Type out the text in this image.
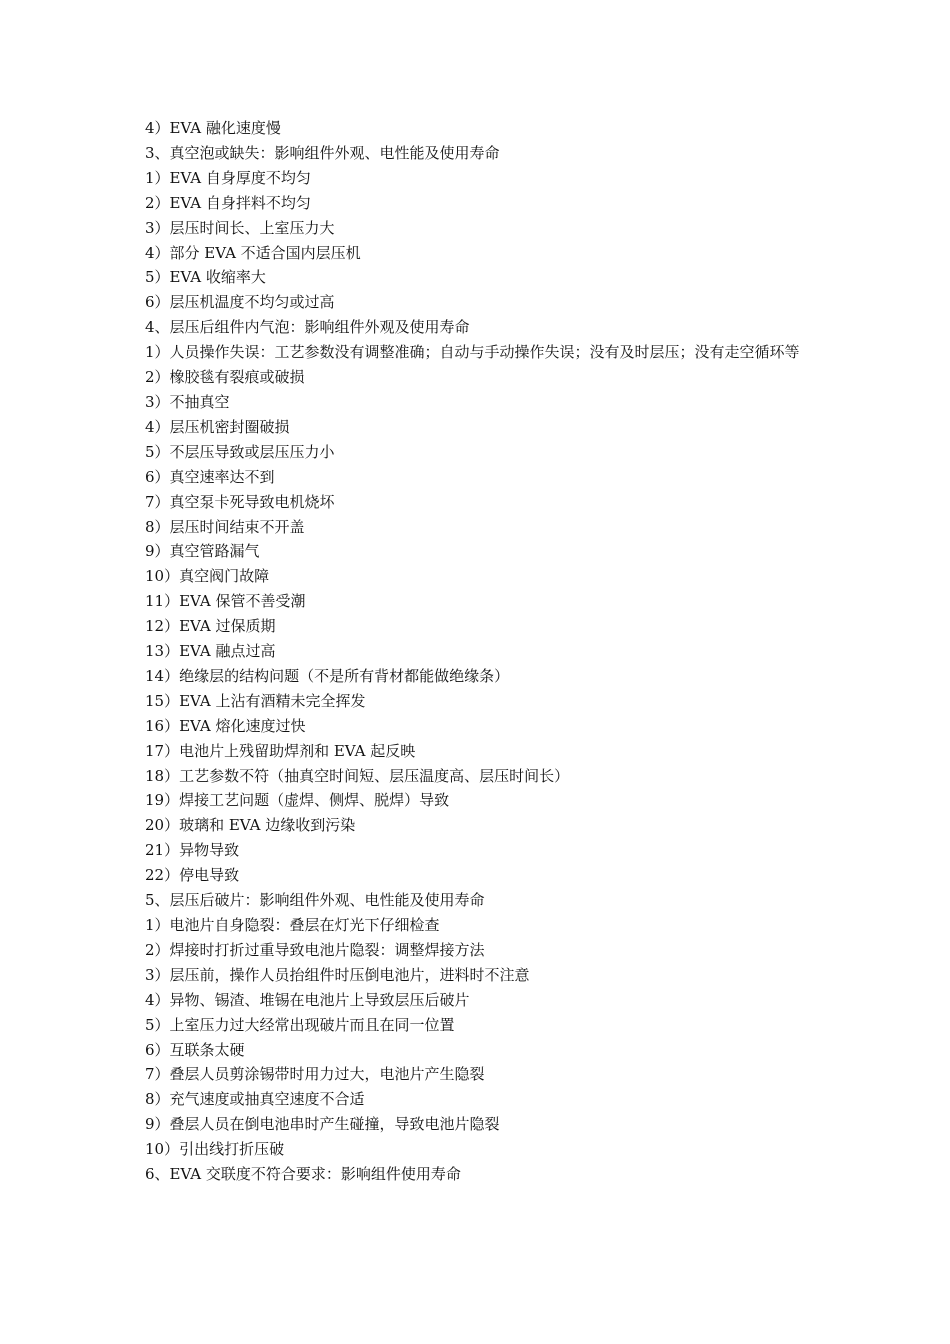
4）EVA 融化速度慢

3、真空泡或缺失：影响组件外观、电性能及使用寿命

1）EVA 自身厚度不均匀

2）EVA 自身拌料不均匀

3）层压时间长、上室压力大

4）部分 EVA 不适合国内层压机

5）EVA 收缩率大

6）层压机温度不均匀或过高

4、层压后组件内气泡：影响组件外观及使用寿命

1）人员操作失误：工艺参数没有调整准确；自动与手动操作失误；没有及时层压；没有走空循环等

2）橡胶毯有裂痕或破损

3）不抽真空

4）层压机密封圈破损

5）不层压导致或层压压力小

6）真空速率达不到

7）真空泵卡死导致电机烧坏

8）层压时间结束不开盖

9）真空管路漏气

10）真空阀门故障

11）EVA 保管不善受潮

12）EVA 过保质期

13）EVA 融点过高

14）绝缘层的结构问题（不是所有背材都能做绝缘条）

15）EVA 上沾有酒精未完全挥发

16）EVA 熔化速度过快

17）电池片上残留助焊剂和 EVA 起反映

18）工艺参数不符（抽真空时间短、层压温度高、层压时间长）

19）焊接工艺问题（虚焊、侧焊、脱焊）导致

20）玻璃和 EVA 边缘收到污染

21）异物导致

22）停电导致

5、层压后破片：影响组件外观、电性能及使用寿命

1）电池片自身隐裂：叠层在灯光下仔细检查

2）焊接时打折过重导致电池片隐裂：调整焊接方法

3）层压前，操作人员抬组件时压倒电池片，进料时不注意

4）异物、锡渣、堆锡在电池片上导致层压后破片

5）上室压力过大经常出现破片而且在同一位置

6）互联条太硬

7）叠层人员剪涂锡带时用力过大，电池片产生隐裂

8）充气速度或抽真空速度不合适

9）叠层人员在倒电池串时产生碰撞，导致电池片隐裂

10）引出线打折压破

6、EVA 交联度不符合要求：影响组件使用寿命
